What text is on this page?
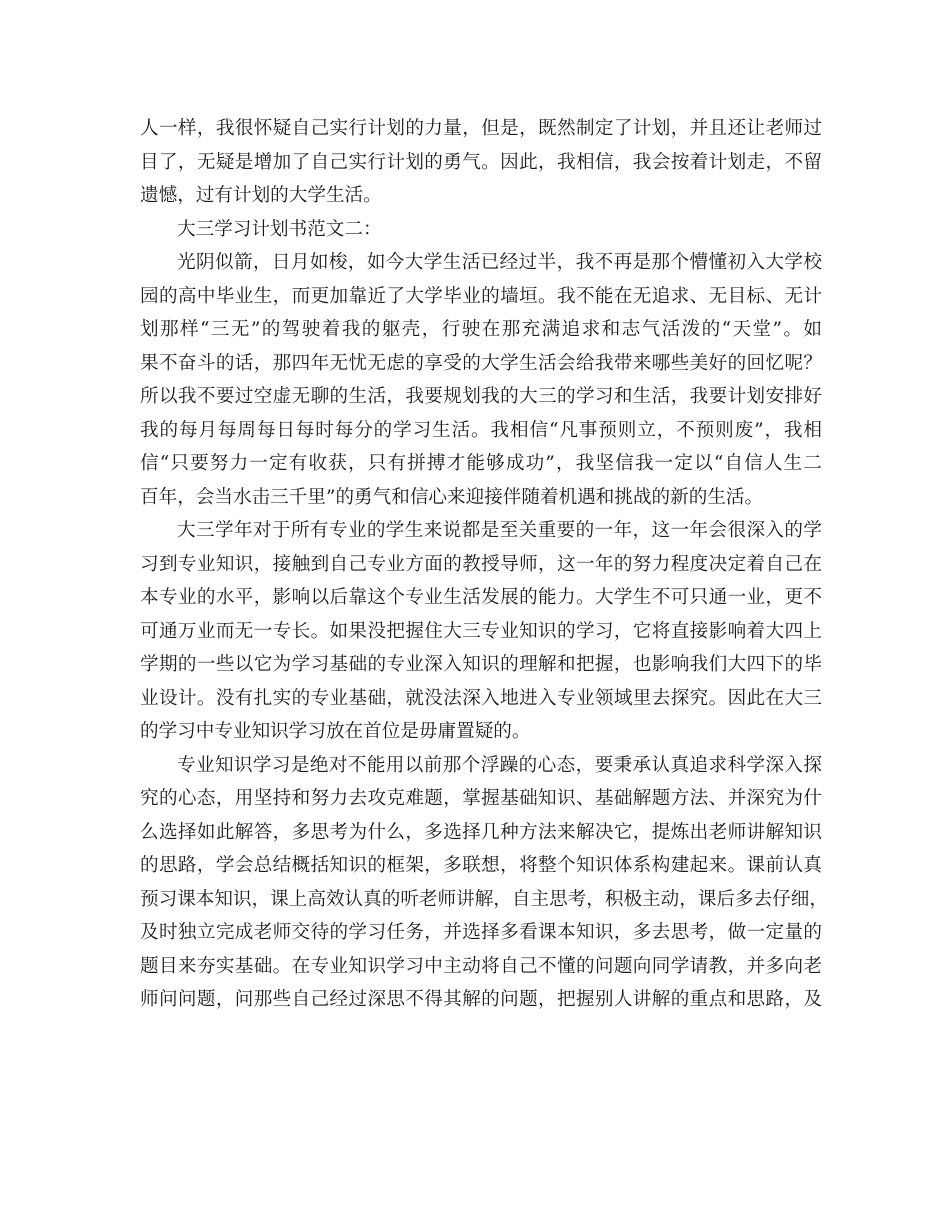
人一样，我很怀疑自己实行计划的力量，但是，既然制定了计划，并且还让老师过
目了，无疑是增加了自己实行计划的勇气。因此，我相信，我会按着计划走，不留
遗憾，过有计划的大学生活。
大三学习计划书范文二：
光阴似箭，日月如梭，如今大学生活已经过半，我不再是那个懵懂初入大学校
园的高中毕业生，而更加靠近了大学毕业的墙垣。我不能在无追求、无目标、无计
划那样“三无”的驾驶着我的躯壳，行驶在那充满追求和志气活泼的“天堂”。如
果不奋斗的话，那四年无忧无虑的享受的大学生活会给我带来哪些美好的回忆呢？
所以我不要过空虚无聊的生活，我要规划我的大三的学习和生活，我要计划安排好
我的每月每周每日每时每分的学习生活。我相信“凡事预则立，不预则废”，我相
信“只要努力一定有收获，只有拼搏才能够成功”，我坚信我一定以“自信人生二
百年，会当水击三千里”的勇气和信心来迎接伴随着机遇和挑战的新的生活。
大三学年对于所有专业的学生来说都是至关重要的一年，这一年会很深入的学
习到专业知识，接触到自己专业方面的教授导师，这一年的努力程度决定着自己在
本专业的水平，影响以后靠这个专业生活发展的能力。大学生不可只通一业，更不
可通万业而无一专长。如果没把握住大三专业知识的学习，它将直接影响着大四上
学期的一些以它为学习基础的专业深入知识的理解和把握，也影响我们大四下的毕
业设计。没有扎实的专业基础，就没法深入地进入专业领域里去探究。因此在大三
的学习中专业知识学习放在首位是毋庸置疑的。
专业知识学习是绝对不能用以前那个浮躁的心态，要秉承认真追求科学深入探
究的心态，用坚持和努力去攻克难题，掌握基础知识、基础解题方法、并深究为什
么选择如此解答，多思考为什么，多选择几种方法来解决它，提炼出老师讲解知识
的思路，学会总结概括知识的框架，多联想，将整个知识体系构建起来。课前认真
预习课本知识，课上高效认真的听老师讲解，自主思考，积极主动，课后多去仔细，
及时独立完成老师交待的学习任务，并选择多看课本知识，多去思考，做一定量的
题目来夯实基础。在专业知识学习中主动将自己不懂的问题向同学请教，并多向老
师问问题，问那些自己经过深思不得其解的问题，把握别人讲解的重点和思路，及
